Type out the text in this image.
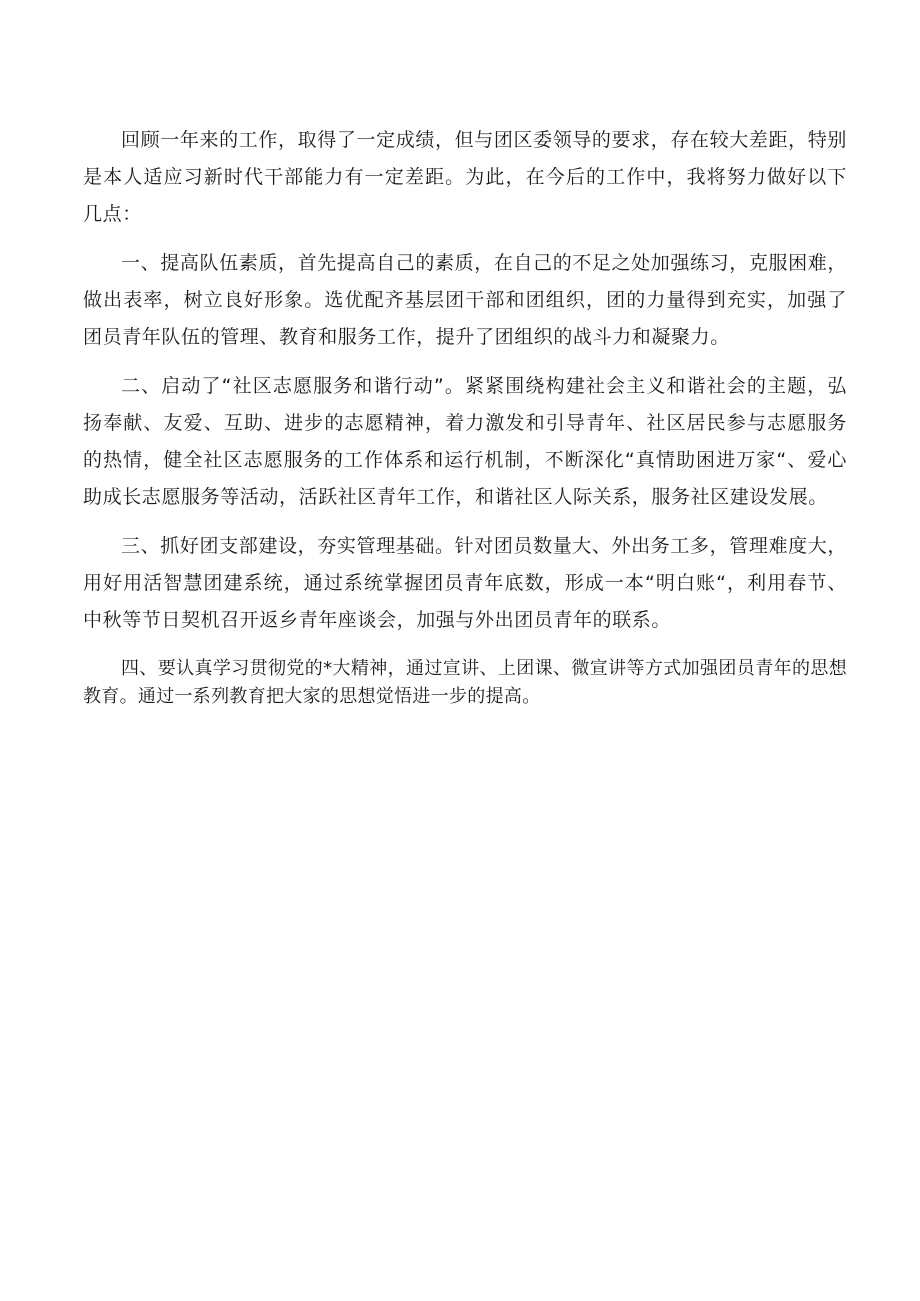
回顾一年来的工作，取得了一定成绩，但与团区委领导的要求，存在较大差距，特别是本人适应习新时代干部能力有一定差距。为此，在今后的工作中，我将努力做好以下几点：

一、提高队伍素质，首先提高自己的素质，在自己的不足之处加强练习，克服困难，做出表率，树立良好形象。选优配齐基层团干部和团组织，团的力量得到充实，加强了团员青年队伍的管理、教育和服务工作，提升了团组织的战斗力和凝聚力。

二、启动了“社区志愿服务和谐行动”。紧紧围绕构建社会主义和谐社会的主题，弘扬奉献、友爱、互助、进步的志愿精神，着力激发和引导青年、社区居民参与志愿服务的热情，健全社区志愿服务的工作体系和运行机制，不断深化“真情助困进万家“、爱心助成长志愿服务等活动，活跃社区青年工作，和谐社区人际关系，服务社区建设发展。

三、抓好团支部建设，夯实管理基础。针对团员数量大、外出务工多，管理难度大，用好用活智慧团建系统，通过系统掌握团员青年底数，形成一本“明白账“，利用春节、中秋等节日契机召开返乡青年座谈会，加强与外出团员青年的联系。

四、要认真学习贯彻党的*大精神，通过宣讲、上团课、微宣讲等方式加强团员青年的思想教育。通过一系列教育把大家的思想觉悟进一步的提高。
